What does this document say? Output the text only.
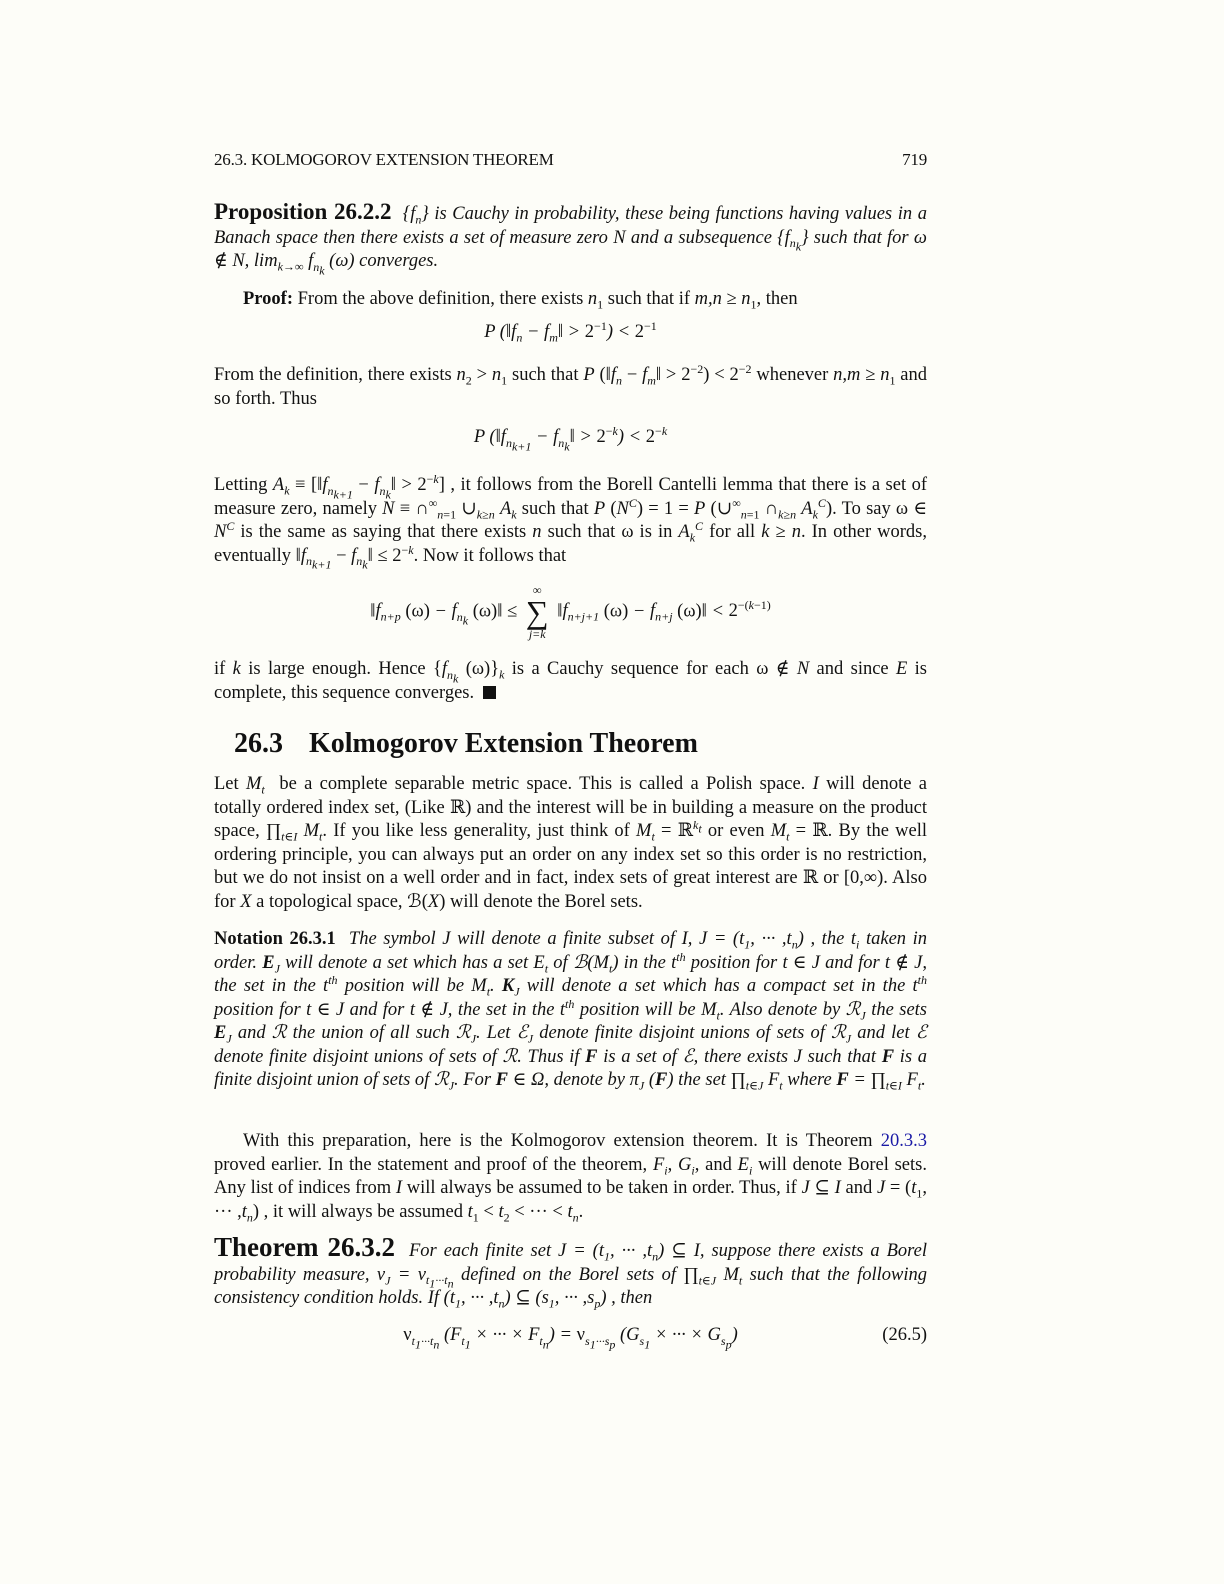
26.3. KOLMOGOROV EXTENSION THEOREM	719
Proposition 26.2.2 $\{f_n\}$ is Cauchy in probability, these being functions having values in a Banach space then there exists a set of measure zero N and a subsequence $\{f_{n_k}\}$ such that for ω ∉ N, $\lim_{k\to\infty} f_{n_k}$ (ω) converges.
Proof: From the above definition, there exists $n_1$ such that if $m,n \ge n_1$, then
P ($‖f_n$ − $f_m‖ > 2^{-1}) < 2^{-1}$
From the definition, there exists $n_2 > n_1$ such that P ($‖f_n$ − $f_m‖ > 2^{-2}) < 2^{-2}$ whenever $n,m \ge n_1$ and so forth. Thus
P ($‖f_{n_{k+1}}$ − $f_{n_k}‖ > 2^{-k}) < 2^{-k}$
Letting $A_k$ ≡ [$‖f_{n_{k+1}}$ − $f_{n_k}‖ > 2^{-k}$] , it follows from the Borell Cantelli lemma that there is a set of measure zero, namely $N \equiv \cap^\infty_{n=1}$ $\cup_{k\ge n}$ $A_k$ such that P $(N^C) = 1 = P$ ($\cup^\infty_{n=1}$ $\cap_{k\ge n}$ $A_k^C$). To say ω ∈ $N^C$ is the same as saying that there exists n such that ω is in $A_k^C$ for all k ≥ n. In other words, eventually $‖f_{n_{k+1}}$ − $f_{n_k}‖ \le 2^{-k}$. Now it follows that
$‖f_{n+p}$ $(\omega) - f_{n_k}$ (ω)‖ ≤
∞
∑
j=k
$‖f_{n+j+1}$ $(\omega) - f_{n+j}$ (ω)‖ < $2^{-(k-1)}$
if k is large enough. Hence {$f_{n_k}$ $(\omega)\}_k$ is a Cauchy sequence for each ω ∉ N and since E is complete, this sequence converges.
26.3 Kolmogorov Extension Theorem
Let $M_t$  be a complete separable metric space. This is called a Polish space. I will denote a totally ordered index set, (Like ℝ) and the interest will be in building a measure on the product space, $\prod_{t\in I}$ $M_t$. If you like less generality, just think of $M_t$ = ℝ$^{k_t}$ or even $M_t$ = ℝ. By the well ordering principle, you can always put an order on any index set so this order is no restriction, but we do not insist on a well order and in fact, index sets of great interest are ℝ or [0,∞). Also for X a topological space, ℬ(X) will denote the Borel sets.
Notation 26.3.1 The symbol J will denote a finite subset of I, $J = (t_1$, ··· $,t_n$) , the $t_i$ taken in order. $E_J$ will denote a set which has a set $E_t$ of $ℬ(M_t)$ in the $t^{th}$ position for t ∈ J and for t ∉ J, the set in the $t^{th}$ position will be $M_t$. $K_J$ will denote a set which has a compact set in the $t^{th}$ position for t ∈ J and for t ∉ J, the set in the $t^{th}$ position will be $M_t$. Also denote by ℛ$_J$ the sets $E_J$ and ℛ the union of all such ℛ$_J$. Let ℰ$_J$ denote finite disjoint unions of sets of ℛ$_J$ and let ℰ denote finite disjoint unions of sets of ℛ. Thus if F is a set of ℰ, there exists J such that F is a finite disjoint union of sets of ℛ$_J$. For F ∈ Ω, denote by $\pi_J$ (F) the set $\prod_{t\in J}$ $F_t$ where $F = \prod_{t\in I}$ $F_t$.
With this preparation, here is the Kolmogorov extension theorem. It is Theorem 20.3.3 proved earlier. In the statement and proof of the theorem, $F_i$, $G_i$, and $E_i$ will denote Borel sets. Any list of indices from I will always be assumed to be taken in order. Thus, if J ⊆ I and $J = (t_1$, ··· $,t_n$) , it will always be assumed $t_1 < t_2$ < ··· < $t_n$.
Theorem 26.3.2 For each finite set $J = (t_1$, ··· $,t_n$) ⊆ I, suppose there exists a Borel probability measure, $\nu_J = \nu_{t_1\cdot\cdot\cdot t_n}$ defined on the Borel sets of $\prod_{t\in J}$ $M_t$ such that the following consistency condition holds. If ($t_1$, ··· $,t_n$) ⊆ ($s_1$, ··· $,s_p$) , then
$\nu_{t_1\cdot\cdot\cdot t_n}$ ($F_{t_1}$ × ··· × $F_{t_n}) = \nu_{s_1\cdot\cdot\cdot s_p}$ ($G_{s_1}$ × ··· × $G_{s_p}$)	(26.5)
